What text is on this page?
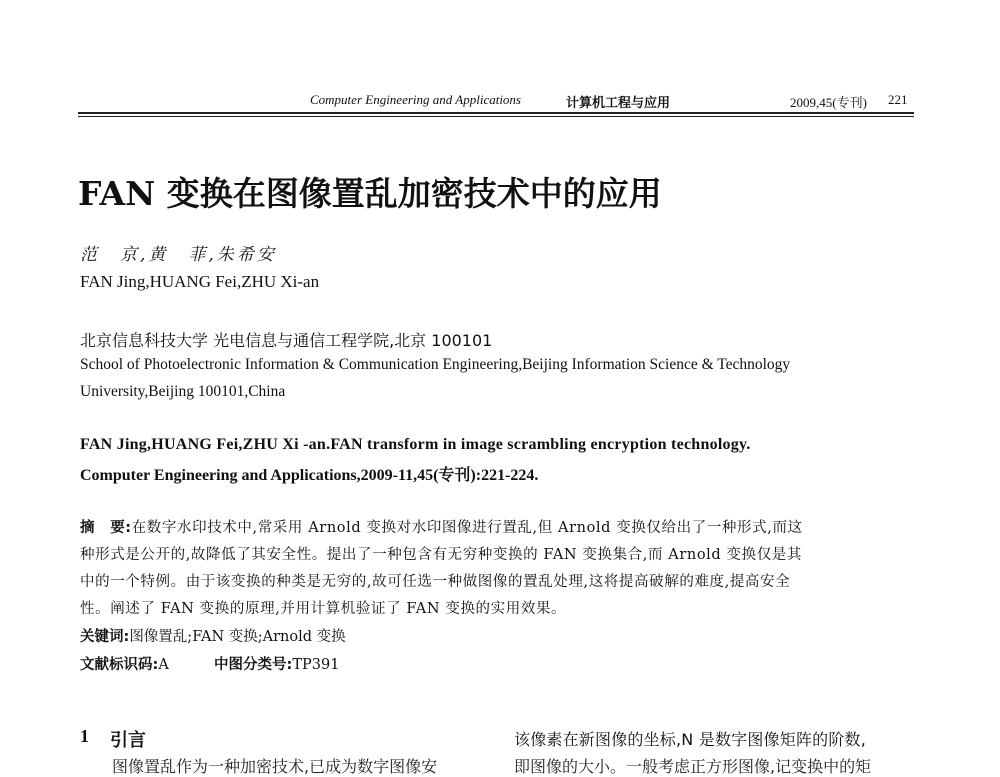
Computer Engineering and Applications	计算机工程与应用	2009,45(专刊) 221
FAN 变换在图像置乱加密技术中的应用
范　京,黄　菲,朱希安
FAN Jing,HUANG Fei,ZHU Xi-an
北京信息科技大学 光电信息与通信工程学院,北京 100101
School of Photoelectronic Information & Communication Engineering,Beijing Information Science & Technology
University,Beijing 100101,China
FAN Jing,HUANG Fei,ZHU Xi -an.FAN transform in image scrambling encryption technology.
Computer Engineering and Applications,2009-11,45(专刊):221-224.
摘　要:在数字水印技术中,常采用 Arnold 变换对水印图像进行置乱,但 Arnold 变换仅给出了一种形式,而这
种形式是公开的,故降低了其安全性。提出了一种包含有无穷种变换的 FAN 变换集合,而 Arnold 变换仅是其
中的一个特例。由于该变换的种类是无穷的,故可任选一种做图像的置乱处理,这将提高破解的难度,提高安全
性。阐述了 FAN 变换的原理,并用计算机验证了 FAN 变换的实用效果。
关键词:图像置乱;FAN 变换;Arnold 变换
文献标识码:A	中图分类号:TP391
1 引言	该像素在新图像的坐标,N 是数字图像矩阵的阶数,
图像置乱作为一种加密技术,已成为数字图像安	即图像的大小。一般考虑正方形图像,记变换中的矩
